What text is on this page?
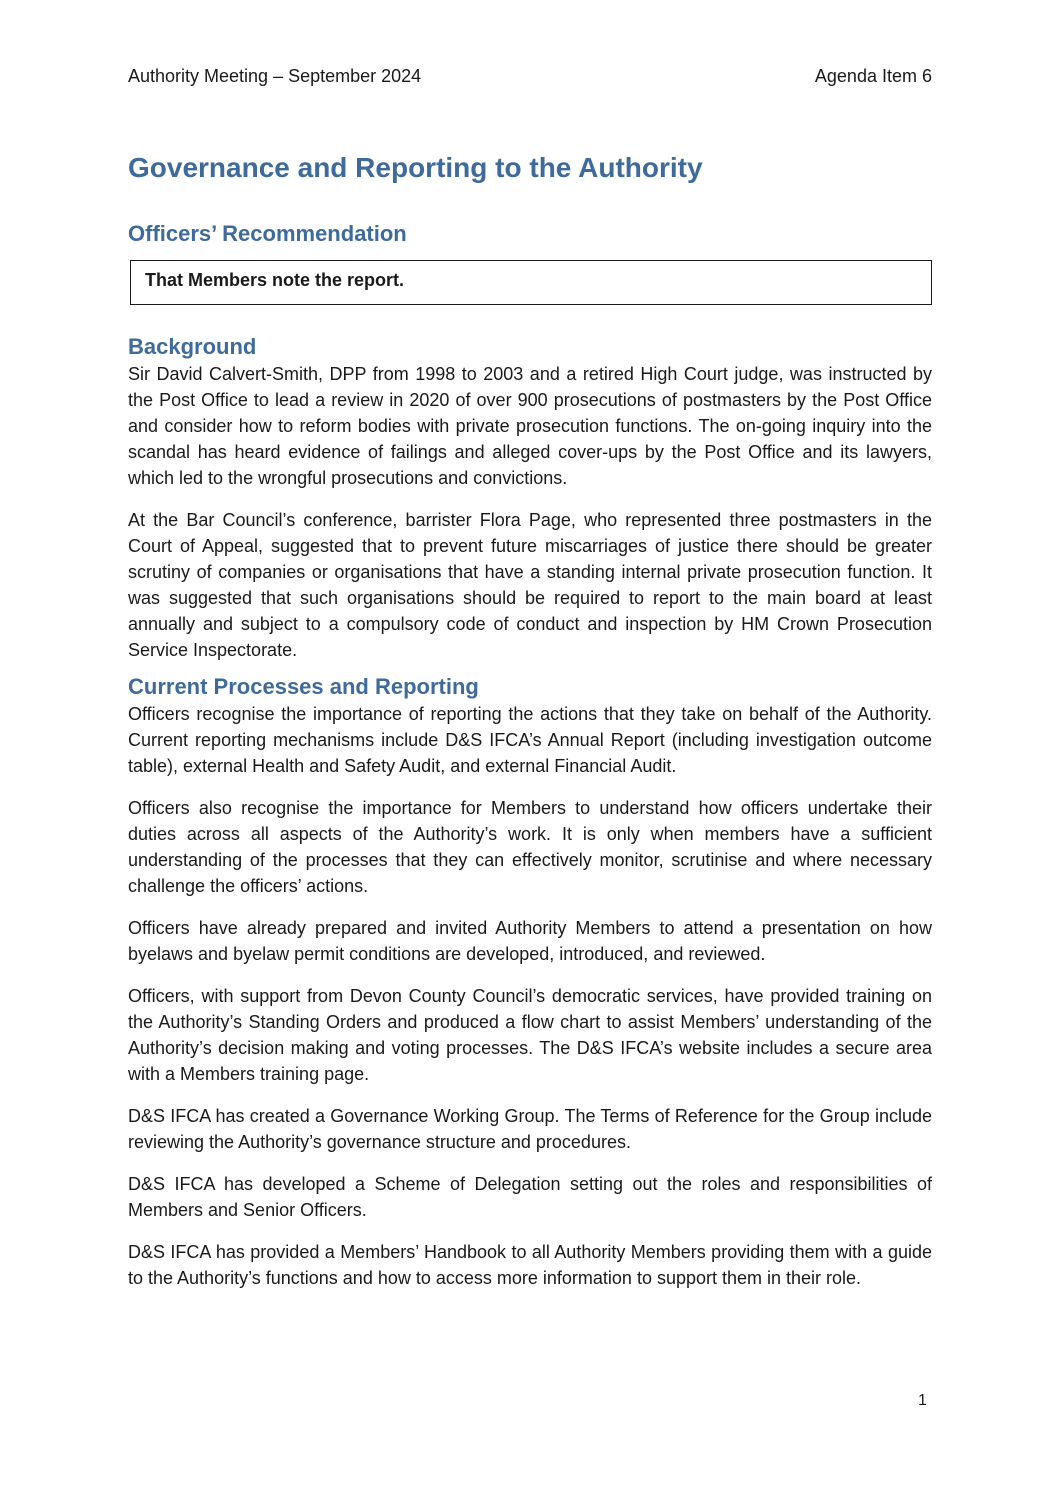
Authority Meeting – September 2024	Agenda Item 6
Governance and Reporting to the Authority
Officers’ Recommendation
That Members note the report.
Background

Sir David Calvert-Smith, DPP from 1998 to 2003 and a retired High Court judge, was instructed by the Post Office to lead a review in 2020 of over 900 prosecutions of postmasters by the Post Office and consider how to reform bodies with private prosecution functions. The on-going inquiry into the scandal has heard evidence of failings and alleged cover-ups by the Post Office and its lawyers, which led to the wrongful prosecutions and convictions.

At the Bar Council’s conference, barrister Flora Page, who represented three postmasters in the Court of Appeal, suggested that to prevent future miscarriages of justice there should be greater scrutiny of companies or organisations that have a standing internal private prosecution function. It was suggested that such organisations should be required to report to the main board at least annually and subject to a compulsory code of conduct and inspection by HM Crown Prosecution Service Inspectorate.

Current Processes and Reporting

Officers recognise the importance of reporting the actions that they take on behalf of the Authority. Current reporting mechanisms include D&S IFCA’s Annual Report (including investigation outcome table), external Health and Safety Audit, and external Financial Audit.

Officers also recognise the importance for Members to understand how officers undertake their duties across all aspects of the Authority’s work. It is only when members have a sufficient understanding of the processes that they can effectively monitor, scrutinise and where necessary challenge the officers’ actions.

Officers have already prepared and invited Authority Members to attend a presentation on how byelaws and byelaw permit conditions are developed, introduced, and reviewed.

Officers, with support from Devon County Council’s democratic services, have provided training on the Authority’s Standing Orders and produced a flow chart to assist Members’ understanding of the Authority’s decision making and voting processes. The D&S IFCA’s website includes a secure area with a Members training page.

D&S IFCA has created a Governance Working Group. The Terms of Reference for the Group include reviewing the Authority’s governance structure and procedures.

D&S IFCA has developed a Scheme of Delegation setting out the roles and responsibilities of Members and Senior Officers.

D&S IFCA has provided a Members’ Handbook to all Authority Members providing them with a guide to the Authority’s functions and how to access more information to support them in their role.

1
